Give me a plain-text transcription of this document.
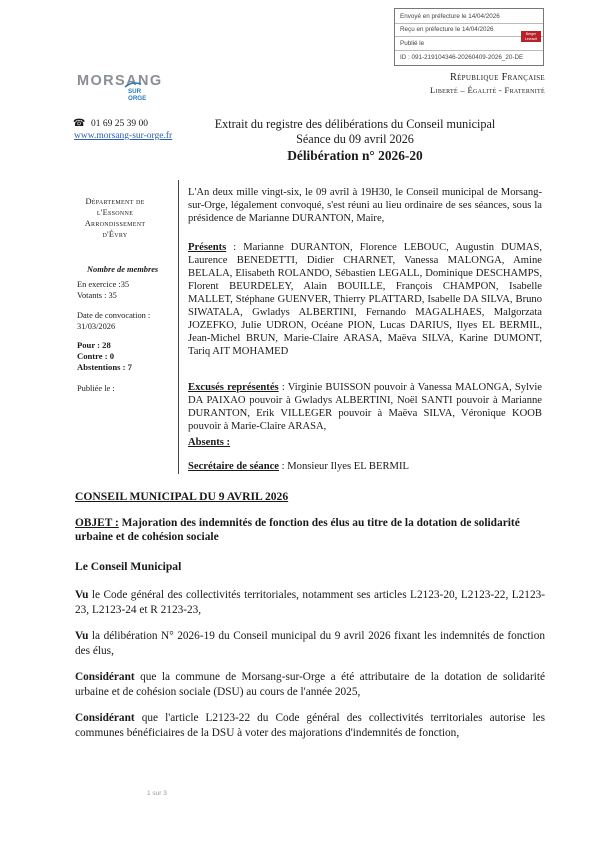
Envoyé en préfecture le 14/04/2026
Reçu en préfecture le 14/04/2026
Publié le
ID : 091-219104346-20260409-2026_20-DE
Berger Levrault
République Française
Liberté – Égalité - Fraternité
MORSANG
SUR
ORGE
☎ 01 69 25 39 00
www.morsang-sur-orge.fr
Extrait du registre des délibérations du Conseil municipal
Séance du 09 avril 2026
Délibération n° 2026-20
Département de
l'Essonne
Arrondissement
d'Évry
Nombre de membres
En exercice :35
Votants : 35
Date de convocation :
31/03/2026
Pour : 28
Contre : 0
Abstentions : 7
Publiée le :
L'An deux mille vingt-six, le 09 avril à 19H30, le Conseil municipal de Morsang-sur-Orge, légalement convoqué, s'est réuni au lieu ordinaire de ses séances, sous la présidence de Marianne DURANTON, Maire,
Présents : Marianne DURANTON, Florence LEBOUC, Augustin DUMAS, Laurence BENEDETTI, Didier CHARNET, Vanessa MALONGA, Amine BELALA, Elisabeth ROLANDO, Sébastien LEGALL, Dominique DESCHAMPS, Florent BEURDELEY, Alain BOUILLE, François CHAMPON, Isabelle MALLET, Stéphane GUENVER, Thierry PLATTARD, Isabelle DA SILVA, Bruno SIWATALA, Gwladys ALBERTINI, Fernando MAGALHAES, Malgorzata JOZEFKO, Julie UDRON, Océane PION, Lucas DARIUS, Ilyes EL BERMIL, Jean-Michel BRUN, Marie-Claire ARASA, Maëva SILVA, Karine DUMONT, Tariq AIT MOHAMED
Excusés représentés : Virginie BUISSON pouvoir à Vanessa MALONGA, Sylvie DA PAIXAO pouvoir à Gwladys ALBERTINI, Noël SANTI pouvoir à Marianne DURANTON, Erik VILLEGER pouvoir à Maëva SILVA, Véronique KOOB pouvoir à Marie-Claire ARASA,
Absents :
Secrétaire de séance : Monsieur Ilyes EL BERMIL
CONSEIL MUNICIPAL DU 9 AVRIL 2026
OBJET : Majoration des indemnités de fonction des élus au titre de la dotation de solidarité urbaine et de cohésion sociale
Le Conseil Municipal
Vu le Code général des collectivités territoriales, notamment ses articles L2123-20, L2123-22, L2123-23, L2123-24 et R 2123-23,
Vu la délibération N° 2026-19 du Conseil municipal du 9 avril 2026 fixant les indemnités de fonction des élus,
Considérant que la commune de Morsang-sur-Orge a été attributaire de la dotation de solidarité urbaine et de cohésion sociale (DSU) au cours de l'année 2025,
Considérant que l'article L2123-22 du Code général des collectivités territoriales autorise les communes bénéficiaires de la DSU à voter des majorations d'indemnités de fonction,
1 sur 3
